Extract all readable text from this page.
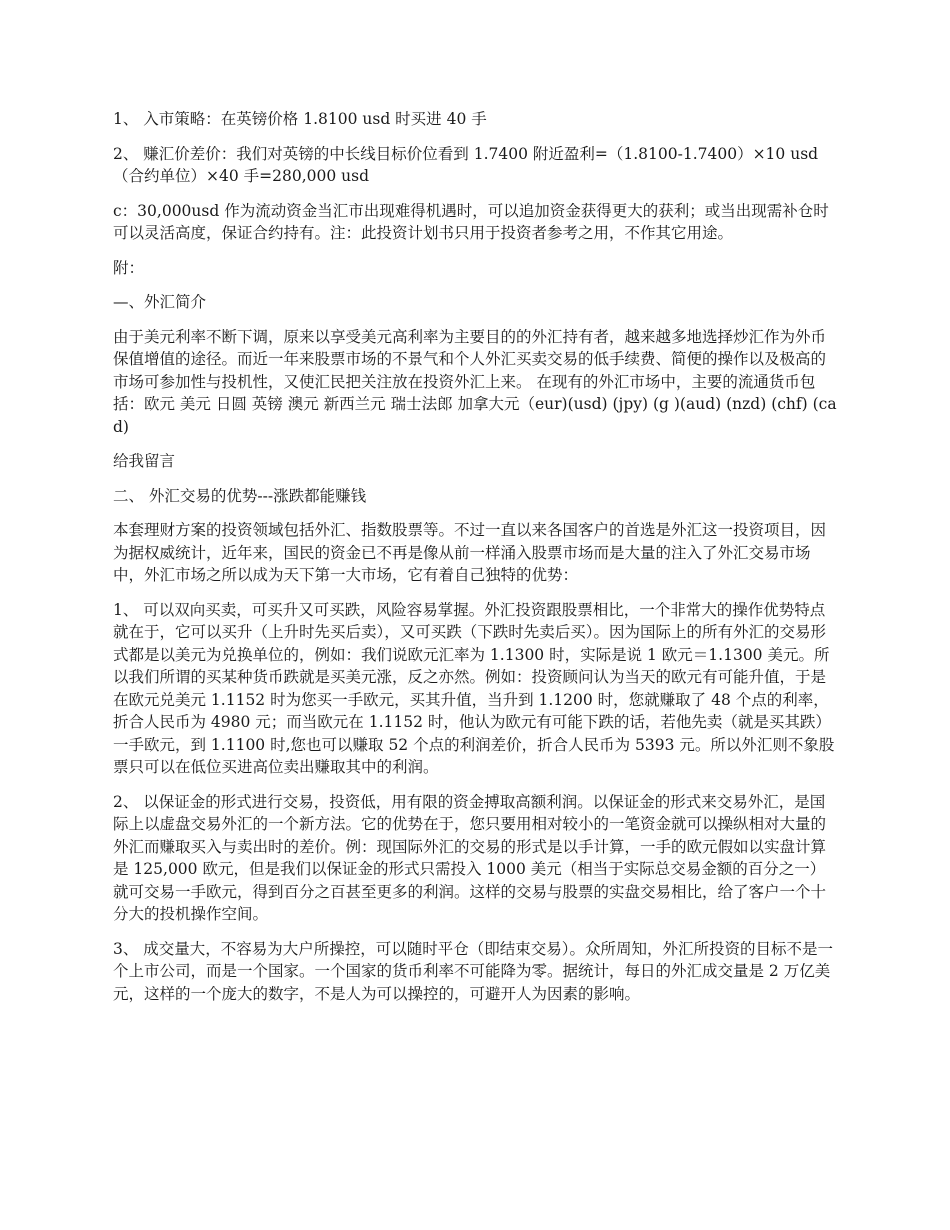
1、 入市策略：在英镑价格 1.8100 usd 时买进 40 手

2、 赚汇价差价：我们对英镑的中长线目标价位看到 1.7400 附近盈利=（1.8100-1.7400）×10 usd（合约单位）×40 手=280,000 usd

c：30,000usd 作为流动资金当汇市出现难得机遇时，可以追加资金获得更大的获利；或当出现需补仓时可以灵活高度，保证合约持有。注：此投资计划书只用于投资者参考之用，不作其它用途。

附：

—、外汇简介

由于美元利率不断下调，原来以享受美元高利率为主要目的的外汇持有者，越来越多地选择炒汇作为外币保值增值的途径。而近一年来股票市场的不景气和个人外汇买卖交易的低手续费、简便的操作以及极高的市场可参加性与投机性，又使汇民把关注放在投资外汇上来。 在现有的外汇市场中，主要的流通货币包括：欧元 美元 日圆 英镑 澳元 新西兰元 瑞士法郎 加拿大元（eur)(usd) (jpy) (g )(aud) (nzd) (chf) (cad)

给我留言

二、 外汇交易的优势---涨跌都能赚钱

本套理财方案的投资领域包括外汇、指数股票等。不过一直以来各国客户的首选是外汇这一投资项目，因为据权威统计，近年来，国民的资金已不再是像从前一样涌入股票市场而是大量的注入了外汇交易市场中，外汇市场之所以成为天下第一大市场，它有着自己独特的优势：

1、 可以双向买卖，可买升又可买跌，风险容易掌握。外汇投资跟股票相比，一个非常大的操作优势特点就在于，它可以买升（上升时先买后卖），又可买跌（下跌时先卖后买）。因为国际上的所有外汇的交易形式都是以美元为兑换单位的，例如：我们说欧元汇率为 1.1300 时，实际是说 1 欧元＝1.1300 美元。所以我们所谓的买某种货币跌就是买美元涨，反之亦然。例如：投资顾问认为当天的欧元有可能升值，于是在欧元兑美元 1.1152 时为您买一手欧元，买其升值，当升到 1.1200 时，您就赚取了 48 个点的利率，折合人民币为 4980 元；而当欧元在 1.1152 时，他认为欧元有可能下跌的话，若他先卖（就是买其跌）一手欧元，到 1.1100 时,您也可以赚取 52 个点的利润差价，折合人民币为 5393 元。所以外汇则不象股票只可以在低位买进高位卖出赚取其中的利润。

2、 以保证金的形式进行交易，投资低，用有限的资金搏取高额利润。以保证金的形式来交易外汇，是国际上以虚盘交易外汇的一个新方法。它的优势在于，您只要用相对较小的一笔资金就可以操纵相对大量的外汇而赚取买入与卖出时的差价。例：现国际外汇的交易的形式是以手计算，一手的欧元假如以实盘计算是 125,000 欧元，但是我们以保证金的形式只需投入 1000 美元（相当于实际总交易金额的百分之一）就可交易一手欧元，得到百分之百甚至更多的利润。这样的交易与股票的实盘交易相比，给了客户一个十分大的投机操作空间。

3、 成交量大，不容易为大户所操控，可以随时平仓（即结束交易）。众所周知，外汇所投资的目标不是一个上市公司，而是一个国家。一个国家的货币利率不可能降为零。据统计，每日的外汇成交量是 2 万亿美元，这样的一个庞大的数字，不是人为可以操控的，可避开人为因素的影响。
